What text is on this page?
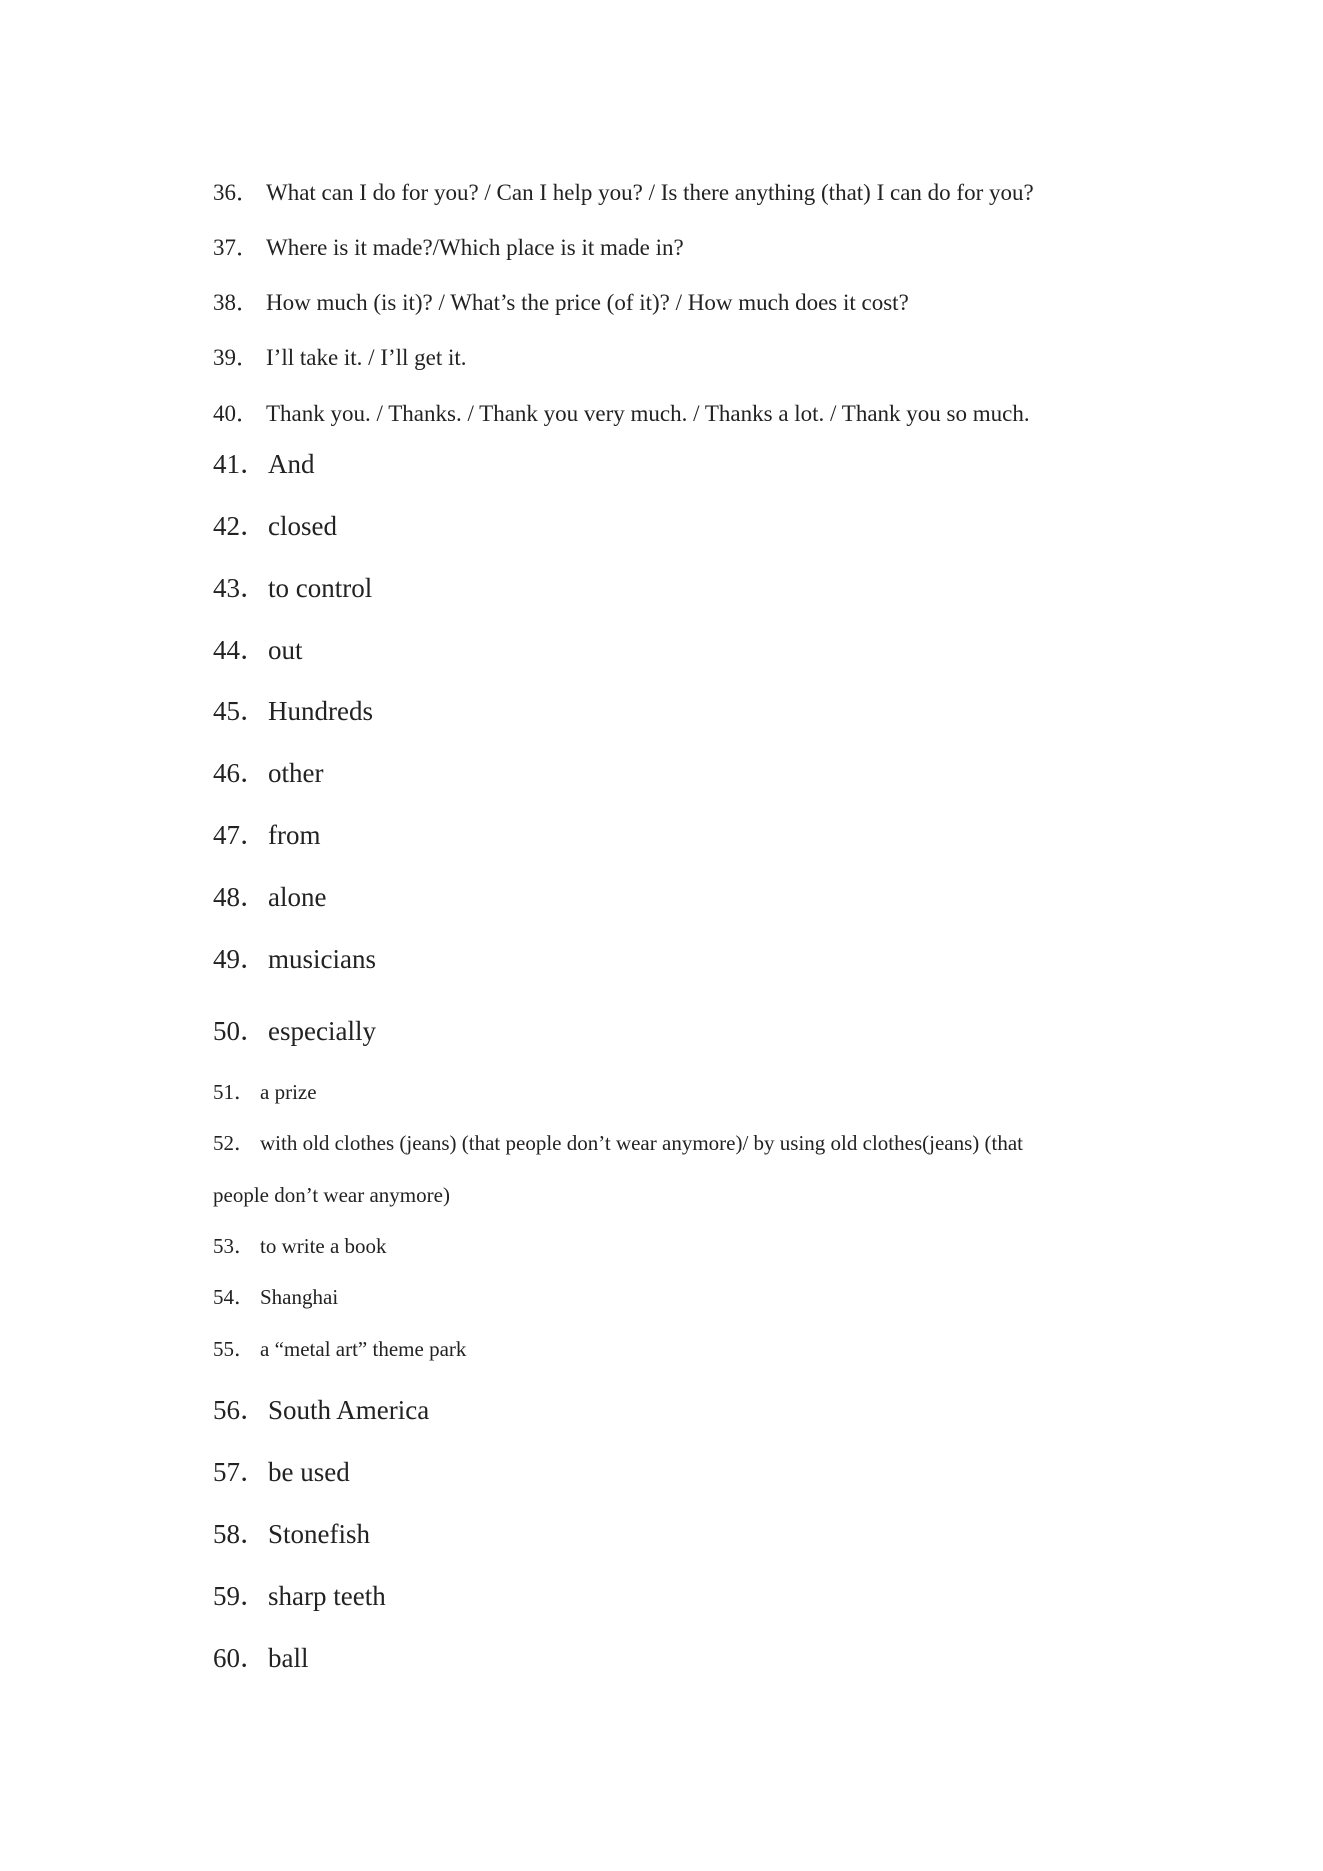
36． What can I do for you? / Can I help you? / Is there anything (that) I can do for you?
37． Where is it made?/Which place is it made in?
38． How much (is it)? / What’s the price (of it)? / How much does it cost?
39． I’ll take it. / I’ll get it.
40． Thank you. / Thanks. / Thank you very much. / Thanks a lot. / Thank you so much.
41．And
42．closed
43．to control
44．out
45．Hundreds
46．other
47．from
48．alone
49．musicians
50．especially
51． a prize
52． with old clothes (jeans) (that people don’t wear anymore)/ by using old clothes(jeans) (that
people don’t wear anymore)
53． to write a book
54． Shanghai
55． a “metal art” theme park
56．South America
57．be used
58．Stonefish
59．sharp teeth
60．ball
